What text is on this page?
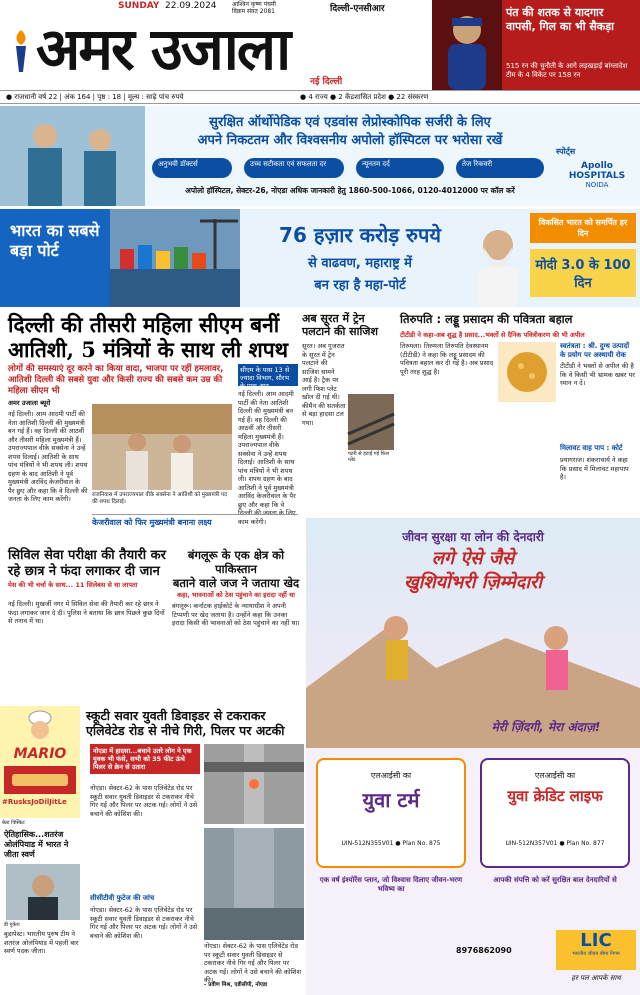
SUNDAY 22.09.2024	आश्विन कृष्ण पंचमी
विक्रम संवत 2081	दिल्ली-एनसीआर
अमर उजाला नई दिल्ली
पंत की शतक से यादगार वापसी, गिल का भी सैकड़ा
515 रन की चुनौती के आगे लड़खड़ाई बांग्लादेश टीम के 4 विकेट पर 158 रन
● राजधानी वर्ष 22 | अंक 164 | पृष्ठ : 18 | मूल्य : साढ़े पांच रुपये	● 4 राज्य ● 2 केंद्रशासित प्रदेश ● 22 संस्करण
सुरक्षित ऑर्थोपेडिक एवं एडवांस लेप्रोस्कोपिक सर्जरी के लिए
अपने निकटतम और विश्वसनीय अपोलो हॉस्पिटल पर भरोसा रखें
स्पोर्ट्स
अनुभवी डॉक्टर्स	उच्च सटीकता एवं सफलता दर	न्यूनतम दर्द	तेज रिकवरी
अपोलो हॉस्पिटल, सेक्टर-26, नोएडा अधिक जानकारी हेतु 1860-500-1066, 0120-4012000 पर कॉल करें
Apollo HOSPITALS
NOIDA
भारत का सबसे बड़ा पोर्ट
76 हज़ार करोड़ रुपये
से वाढवण, महाराष्ट्र में
बन रहा है महा-पोर्ट
विकसित भारत को समर्पित हर दिन
मोदी 3.0 के 100 दिन
दिल्ली की तीसरी महिला सीएम बनीं
आतिशी, 5 मंत्रियों के साथ ली शपथ
लोगों की समस्याएं दूर करने का किया वादा, भाजपा पर रहीं हमलावर, आतिशी दिल्ली की सबसे युवा और किसी राज्य की सबसे कम उम्र की महिला सीएम भी
अमर उजाला ब्यूरो
नई दिल्ली। आम आदमी पार्टी की नेता आतिशी दिल्ली की मुख्यमंत्री बन गई हैं। वह दिल्ली की आठवीं और तीसरी महिला मुख्यमंत्री हैं। उपराज्यपाल वीके सक्सेना ने उन्हें शपथ दिलाई। आतिशी के साथ पांच मंत्रियों ने भी शपथ ली। शपथ ग्रहण के बाद आतिशी ने पूर्व मुख्यमंत्री अरविंद केजरीवाल के पैर छुए और कहा कि वे दिल्ली की जनता के लिए काम करेंगी।
सीएम के पास 13 से ज्यादा विभाग, सौरभ के पास आठ
राजनिवास में उपराज्यपाल वीके सक्सेना ने आतिशी को मुख्यमंत्री पद की शपथ दिलाई।
नई दिल्ली। आम आदमी पार्टी की नेता आतिशी दिल्ली की मुख्यमंत्री बन गई हैं। वह दिल्ली की आठवीं और तीसरी महिला मुख्यमंत्री हैं। उपराज्यपाल वीके सक्सेना ने उन्हें शपथ दिलाई। आतिशी के साथ पांच मंत्रियों ने भी शपथ ली। शपथ ग्रहण के बाद आतिशी ने पूर्व मुख्यमंत्री अरविंद केजरीवाल के पैर छुए और कहा कि वे दिल्ली की जनता के लिए काम करेंगी।
केजरीवाल को फिर मुख्यमंत्री बनाना लक्ष्य
अब सूरत में ट्रेन पलटाने की साजिश
सूरत। अब गुजरात के सूरत में ट्रेन पलटाने की साजिश सामने आई है। ट्रैक पर लगी फिश प्लेट खोल दी गई थी। कीमैन की सतर्कता से बड़ा हादसा टल गया।
पटरी से हटाई गई फिश प्लेट
तिरुपति : लड्डू प्रसादम की पवित्रता बहाल
टीटीडी ने कहा-अब शुद्ध है प्रसाद...भक्तों से दैनिक पवित्रीकरण की भी अपील
तिरुमला। तिरुमला तिरुपति देवस्थानम (टीटीडी) ने कहा कि लड्डू प्रसादम की पवित्रता बहाल कर दी गई है। अब प्रसाद पूरी तरह शुद्ध है।
स्वतंत्रता : श्री. दुग्ध उत्पादों के प्रयोग पर अस्थायी रोक
टीटीडी ने भक्तों से अपील की है कि वे किसी भी भ्रामक खबर पर ध्यान न दें।
मिलावट वाह पाप : कोर्ट
प्रयागराज। शंकराचार्य ने कहा कि प्रसाद में मिलावट महापाप है।
सिविल सेवा परीक्षा की तैयारी कर
रहे छात्र ने फंदा लगाकर दी जान
मेस की भी चर्चा के साथ... 11 सिलेबस से था लापता
नई दिल्ली। मुखर्जी नगर में सिविल सेवा की तैयारी कर रहे छात्र ने फंदा लगाकर जान दे दी। पुलिस ने बताया कि छात्र पिछले कुछ दिनों से तनाव में था।
बंगलूरू के एक क्षेत्र को पाकिस्तान
बताने वाले जज ने जताया खेद
कहा, भावनाओं को ठेस पहुंचाने का इरादा नहीं था
बंगलूरू। कर्नाटक हाईकोर्ट के न्यायाधीश ने अपनी टिप्पणी पर खेद जताया है। उन्होंने कहा कि उनका इरादा किसी की भावनाओं को ठेस पहुंचाने का नहीं था।
MARIO
#RusksJoDilJitLe
बेल्ट विस्किट
ऐतिहासिक...शतरंज ओलंपियाड में भारत ने जीता स्वर्ण
डी गुकेश
बुडापेस्ट। भारतीय पुरुष टीम ने शतरंज ओलंपियाड में पहली बार स्वर्ण पदक जीता।
स्कूटी सवार युवती डिवाइडर से टकराकर
एलिवेटेड रोड से नीचे गिरी, पिलर पर अटकी
नोएडा में हादसा...बचाने उतरे लोग ने एक युवक भी फंसे, सभी को 35 फीट ऊंचे पिलर से क्रेन से उतारा
नोएडा। सेक्टर-62 के पास एलिवेटेड रोड पर स्कूटी सवार युवती डिवाइडर से टकराकर नीचे गिर गई और पिलर पर अटक गई। लोगों ने उसे बचाने की कोशिश की।
सीसीटीवी फुटेज की जांच
नोएडा। सेक्टर-62 के पास एलिवेटेड रोड पर स्कूटी सवार युवती डिवाइडर से टकराकर नीचे गिर गई और पिलर पर अटक गई। लोगों ने उसे बचाने की कोशिश की।
नोएडा। सेक्टर-62 के पास एलिवेटेड रोड पर स्कूटी सवार युवती डिवाइडर से टकराकर नीचे गिर गई और पिलर पर अटक गई। लोगों ने उसे बचाने की कोशिश की।
- प्रवीण मिश्र, एडीसीपी, नोएडा
जीवन सुरक्षा या लोन की देनदारी
लगे ऐसे जैसे
खुशियोंभरी ज़िम्मेदारी
मेरी ज़िंदगी, मेरा अंदाज़!
एलआईसी का
युवा टर्म
UIN-512N355V01 ● Plan No. 875
एलआईसी का
युवा क्रेडिट लाइफ
UIN-512N357V01 ● Plan No. 877
एक वर्ष इंश्योरेंस प्लान, जो विश्वास दिलाए जीवन-भरण भविष्य का
आपकी संपत्ति को करें सुरक्षित बाल देनदारियों से
8976862090	LIC
भारतीय जीवन बीमा निगम
हर पल आपके साथ
